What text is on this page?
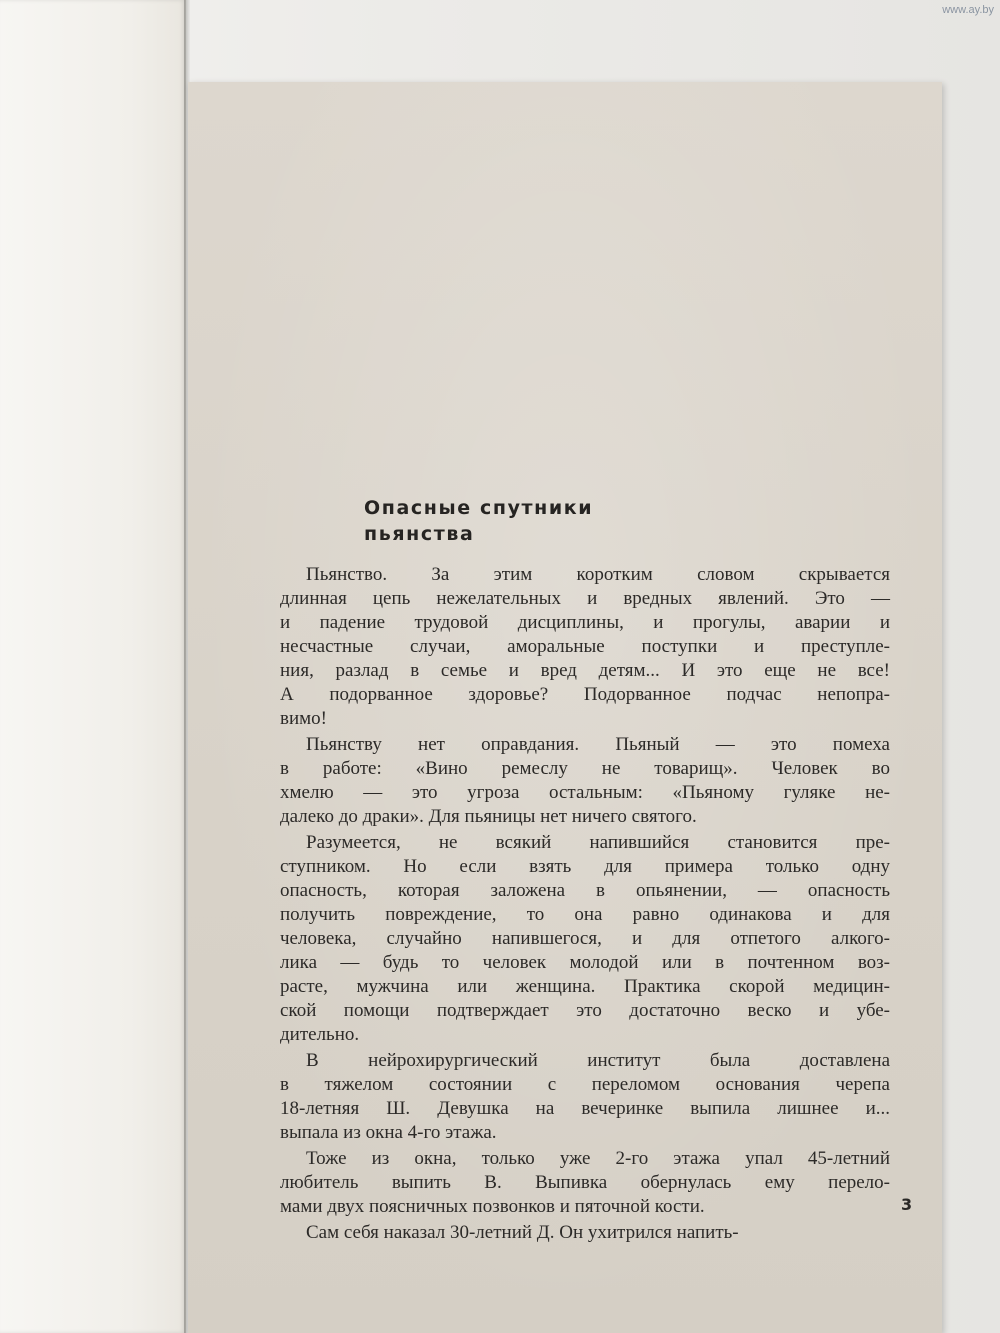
www.ay.by
Опасные спутники
пьянства

Пьянство. За этим коротким словом скрывается
длинная цепь нежелательных и вредных явлений. Это —
и падение трудовой дисциплины, и прогулы, аварии и
несчастные случаи, аморальные поступки и преступле-
ния, разлад в семье и вред детям... И это еще не все!
А подорванное здоровье? Подорванное подчас непопра-
вимо!

Пьянству нет оправдания. Пьяный — это помеха
в работе: «Вино ремеслу не товарищ». Человек во
хмелю — это угроза остальным: «Пьяному гуляке не-
далеко до драки». Для пьяницы нет ничего святого.

Разумеется, не всякий напившийся становится пре-
ступником. Но если взять для примера только одну
опасность, которая заложена в опьянении, — опасность
получить повреждение, то она равно одинакова и для
человека, случайно напившегося, и для отпетого алкого-
лика — будь то человек молодой или в почтенном воз-
расте, мужчина или женщина. Практика скорой медицин-
ской помощи подтверждает это достаточно веско и убе-
дительно.

В нейрохирургический институт была доставлена
в тяжелом состоянии с переломом основания черепа
18-летняя Ш. Девушка на вечеринке выпила лишнее и...
выпала из окна 4-го этажа.

Тоже из окна, только уже 2-го этажа упал 45-летний
любитель выпить В. Выпивка обернулась ему перело-
мами двух поясничных позвонков и пяточной кости.

Сам себя наказал 30-летний Д. Он ухитрился напить-

3
